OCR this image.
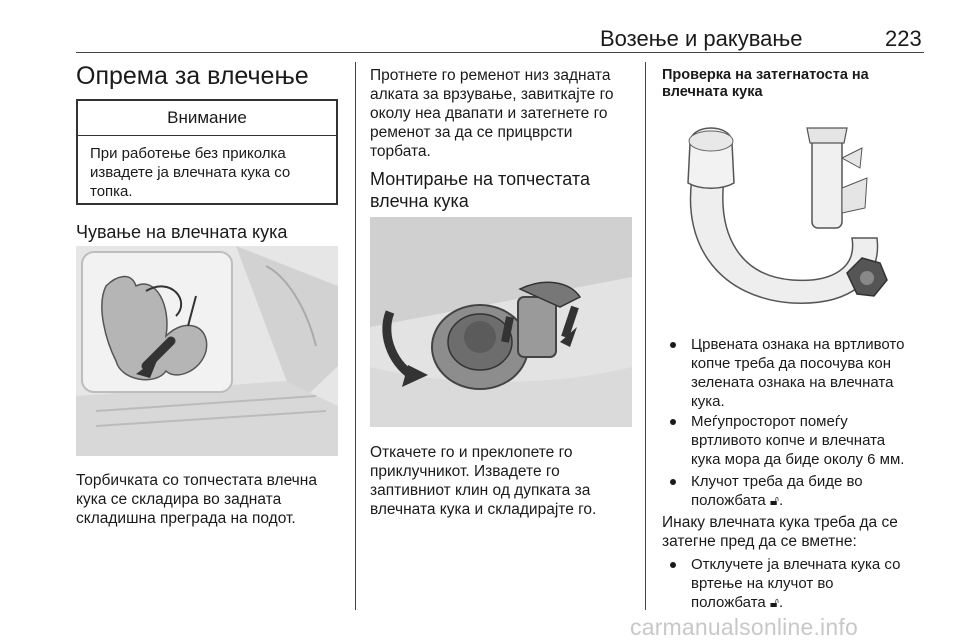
Возење и ракување	223
Опрема за влечење
Внимание
При работење без приколка
извадете ја влечната кука со
топка.
Чување на влечната кука
Торбичката со топчестата влечна
кука се складира во задната
складишна преграда на подот.
Протнете го ременот низ задната
алката за врзување, завиткајте го
околу неа двапати и затегнете го
ременот за да се прицврсти
торбата.
Монтирање на топчестата
влечна кука
Откачете го и преклопете го
приклучникот. Извадете го
заптивниот клин од дупката за
влечната кука и складирајте го.
Проверка на затегнатоста на
влечната кука
Црвената ознака на вртливото
копче треба да посочува кон
зелената ознака на влечната
кука.
Меѓупросторот помеѓу
вртливото копче и влечната
кука мора да биде околу 6 мм.
Клучот треба да биде во
положбата 🔓︎.
Инаку влечната кука треба да се
затегне пред да се вметне:
Отклучете ја влечната кука со
вртење на клучот во
положбата 🔓︎.
carmanualsonline.info
